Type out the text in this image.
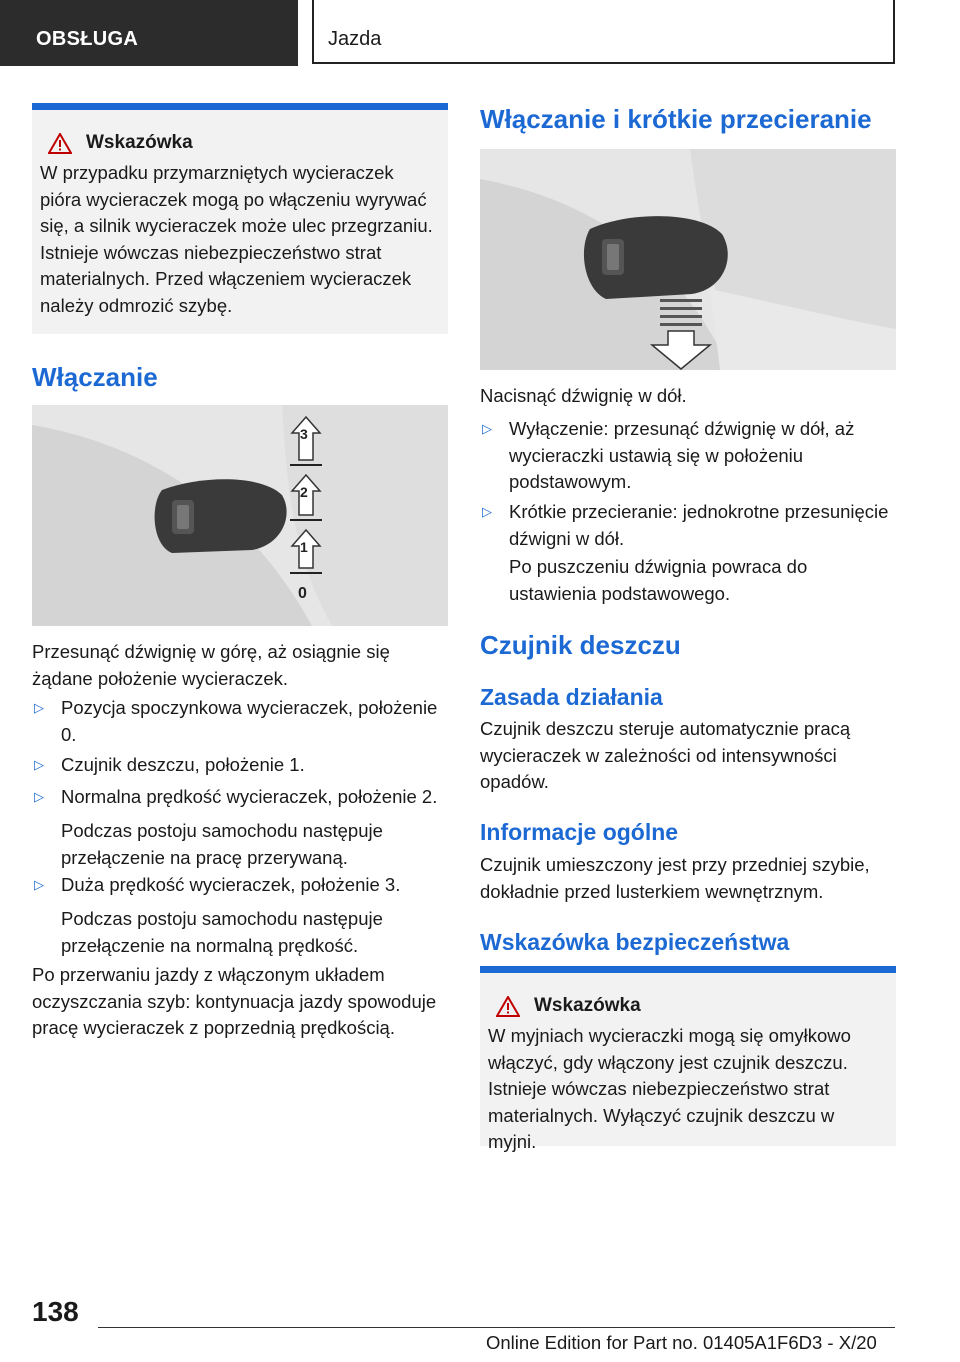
OBSŁUGA	Jazda
Wskazówka
W przypadku przymarzniętych wycieraczek pióra wycieraczek mogą po włączeniu wyrywać się, a silnik wycieraczek może ulec przegrzaniu. Istnieje wówczas niebezpieczeństwo strat materialnych. Przed włączeniem wycieraczek należy odmrozić szybę.
Włączanie
3
2
1
0
Przesunąć dźwignię w górę, aż osiągnie się żądane położenie wycieraczek.
▷ Pozycja spoczynkowa wycieraczek, położenie 0.
▷ Czujnik deszczu, położenie 1.
▷ Normalna prędkość wycieraczek, położenie 2.
Podczas postoju samochodu następuje przełączenie na pracę przerywaną.
▷ Duża prędkość wycieraczek, położenie 3.
Podczas postoju samochodu następuje przełączenie na normalną prędkość.
Po przerwaniu jazdy z włączonym układem oczyszczania szyb: kontynuacja jazdy spowoduje pracę wycieraczek z poprzednią prędkością.
Włączanie i krótkie przecieranie
Nacisnąć dźwignię w dół.
▷ Wyłączenie: przesunąć dźwignię w dół, aż wycieraczki ustawią się w położeniu podstawowym.
▷ Krótkie przecieranie: jednokrotne przesunięcie dźwigni w dół.
Po puszczeniu dźwignia powraca do ustawienia podstawowego.
Czujnik deszczu
Zasada działania
Czujnik deszczu steruje automatycznie pracą wycieraczek w zależności od intensywności opadów.
Informacje ogólne
Czujnik umieszczony jest przy przedniej szybie, dokładnie przed lusterkiem wewnętrznym.
Wskazówka bezpieczeństwa
Wskazówka
W myjniach wycieraczki mogą się omyłkowo włączyć, gdy włączony jest czujnik deszczu. Istnieje wówczas niebezpieczeństwo strat materialnych. Wyłączyć czujnik deszczu w myjni.
138
Online Edition for Part no. 01405A1F6D3 - X/20
